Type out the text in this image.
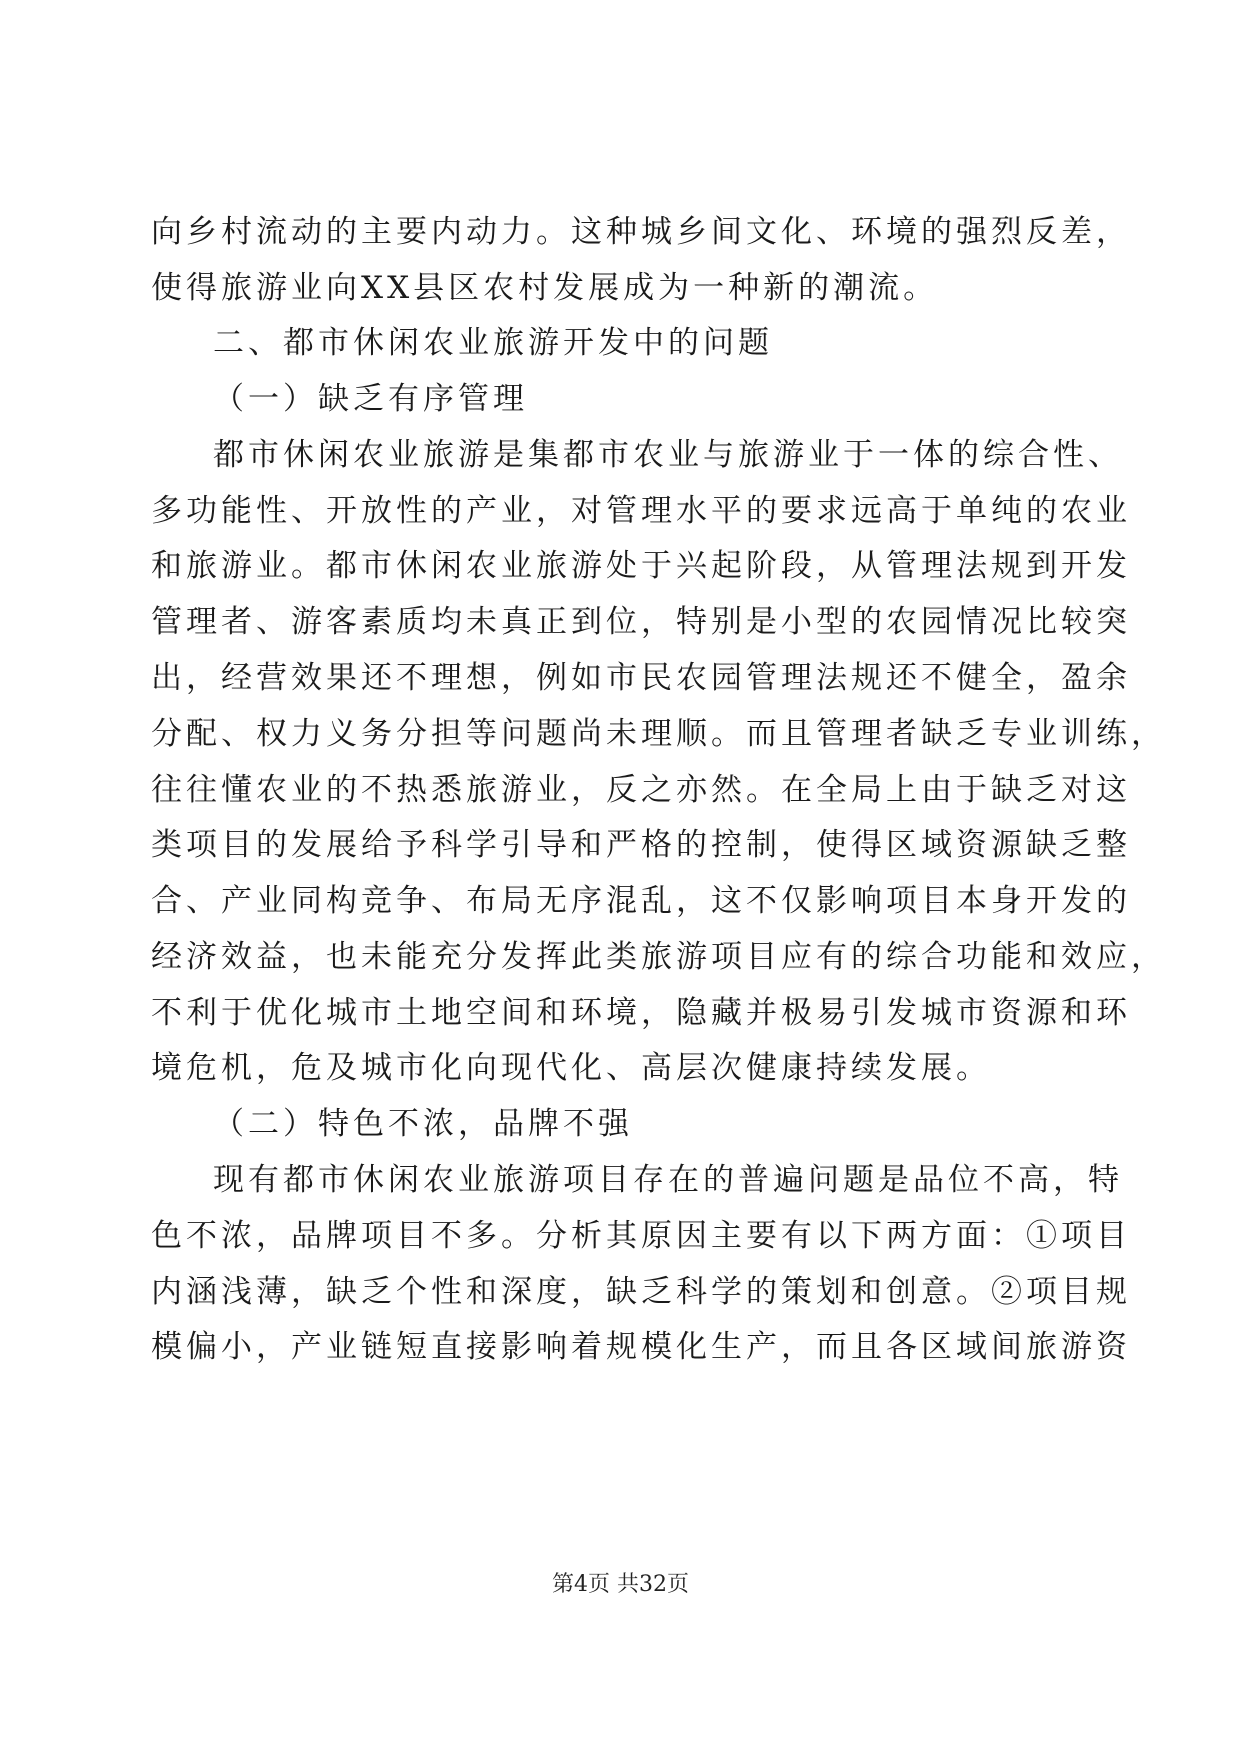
向乡村流动的主要内动力。这种城乡间文化、环境的强烈反差，
使得旅游业向XX县区农村发展成为一种新的潮流。
二、都市休闲农业旅游开发中的问题
（一）缺乏有序管理
都市休闲农业旅游是集都市农业与旅游业于一体的综合性、
多功能性、开放性的产业，对管理水平的要求远高于单纯的农业
和旅游业。都市休闲农业旅游处于兴起阶段，从管理法规到开发
管理者、游客素质均未真正到位，特别是小型的农园情况比较突
出，经营效果还不理想，例如市民农园管理法规还不健全，盈余
分配、权力义务分担等问题尚未理顺。而且管理者缺乏专业训练，
往往懂农业的不热悉旅游业，反之亦然。在全局上由于缺乏对这
类项目的发展给予科学引导和严格的控制，使得区域资源缺乏整
合、产业同构竞争、布局无序混乱，这不仅影响项目本身开发的
经济效益，也未能充分发挥此类旅游项目应有的综合功能和效应，
不利于优化城市土地空间和环境，隐藏并极易引发城市资源和环
境危机，危及城市化向现代化、高层次健康持续发展。
（二）特色不浓，品牌不强
现有都市休闲农业旅游项目存在的普遍问题是品位不高，特
色不浓，品牌项目不多。分析其原因主要有以下两方面：①项目
内涵浅薄，缺乏个性和深度，缺乏科学的策划和创意。②项目规
模偏小，产业链短直接影响着规模化生产，而且各区域间旅游资
第4页 共32页
